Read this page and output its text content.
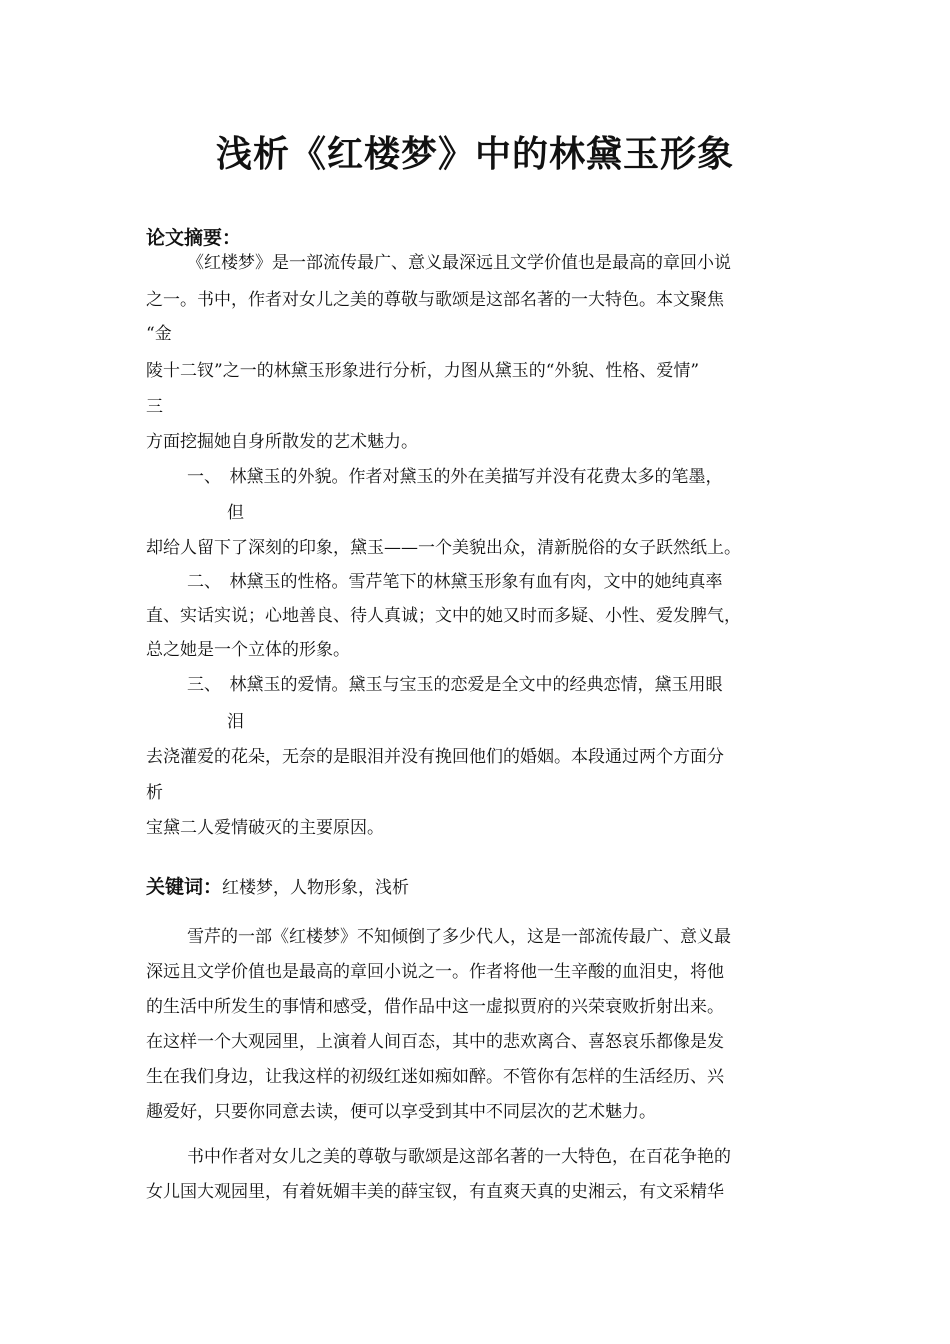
浅析《红楼梦》中的林黛玉形象
论文摘要：
《红楼梦》是一部流传最广、意义最深远且文学价值也是最高的章回小说
之一。书中，作者对女儿之美的尊敬与歌颂是这部名著的一大特色。本文聚焦
“金
陵十二钗”之一的林黛玉形象进行分析，力图从黛玉的“外貌、性格、爱情”
三
方面挖掘她自身所散发的艺术魅力。
一、　林黛玉的外貌。作者对黛玉的外在美描写并没有花费太多的笔墨，
但
却给人留下了深刻的印象，黛玉——一个美貌出众，清新脱俗的女子跃然纸上。
二、　林黛玉的性格。雪芹笔下的林黛玉形象有血有肉，文中的她纯真率
直、实话实说；心地善良、待人真诚；文中的她又时而多疑、小性、爱发脾气，
总之她是一个立体的形象。
三、　林黛玉的爱情。黛玉与宝玉的恋爱是全文中的经典恋情，黛玉用眼
泪
去浇灌爱的花朵，无奈的是眼泪并没有挽回他们的婚姻。本段通过两个方面分
析
宝黛二人爱情破灭的主要原因。
关键词：红楼梦，人物形象，浅析
雪芹的一部《红楼梦》不知倾倒了多少代人，这是一部流传最广、意义最
深远且文学价值也是最高的章回小说之一。作者将他一生辛酸的血泪史，将他
的生活中所发生的事情和感受，借作品中这一虚拟贾府的兴荣衰败折射出来。
在这样一个大观园里，上演着人间百态，其中的悲欢离合、喜怒哀乐都像是发
生在我们身边，让我这样的初级红迷如痴如醉。不管你有怎样的生活经历、兴
趣爱好，只要你同意去读，便可以享受到其中不同层次的艺术魅力。
书中作者对女儿之美的尊敬与歌颂是这部名著的一大特色，在百花争艳的
女儿国大观园里，有着妩媚丰美的薛宝钗，有直爽天真的史湘云，有文采精华
